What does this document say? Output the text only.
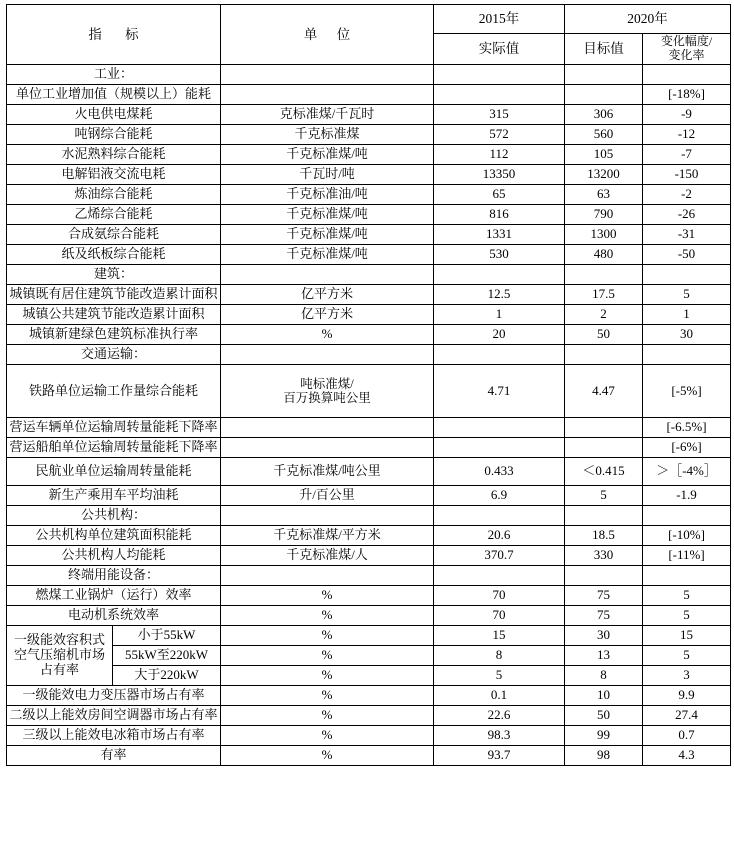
指 标		单 位	2015年	2020年	
			实际值	目标值	变化幅度/
变化率

工业：					
单位工业增加值（规模以上）能耗					[-18%]
火电供电煤耗		克标准煤/千瓦时	315	306	-9
吨钢综合能耗		千克标准煤	572	560	-12
水泥熟料综合能耗		千克标准煤/吨	112	105	-7
电解铝液交流电耗		千瓦时/吨	13350	13200	-150
炼油综合能耗		千克标准油/吨	65	63	-2
乙烯综合能耗		千克标准煤/吨	816	790	-26
合成氨综合能耗		千克标准煤/吨	1331	1300	-31
纸及纸板综合能耗		千克标准煤/吨	530	480	-50
建筑：					
城镇既有居住建筑节能改造累计面积		亿平方米	12.5	17.5	5
城镇公共建筑节能改造累计面积		亿平方米	1	2	1
城镇新建绿色建筑标准执行率		%	20	50	30
交通运输：					
铁路单位运输工作量综合能耗		吨标准煤/
百万换算吨公里	4.71	4.47	[-5%]
营运车辆单位运输周转量能耗下降率					[-6.5%]
营运船舶单位运输周转量能耗下降率					[-6%]
民航业单位运输周转量能耗		千克标准煤/吨公里	0.433	＜0.415	＞［-4%］
新生产乘用车平均油耗		升/百公里	6.9	5	-1.9
公共机构：					
公共机构单位建筑面积能耗		千克标准煤/平方米	20.6	18.5	[-10%]
公共机构人均能耗		千克标准煤/人	370.7	330	[-11%]
终端用能设备：					
燃煤工业锅炉（运行）效率		%	70	75	5
电动机系统效率		%	70	75	5

一级能效容积式
空气压缩机市场
占有率	小于55kW	%	15	30	15
	55kW至220kW	%	8	13	5
	大于220kW	%	5	8	3
一级能效电力变压器市场占有率		%	0.1	10	9.9
二级以上能效房间空调器市场占有率		%	22.6	50	27.4
三级以上能效电冰箱市场占有率		%	98.3	99	0.7
有率		%	93.7	98	4.3
